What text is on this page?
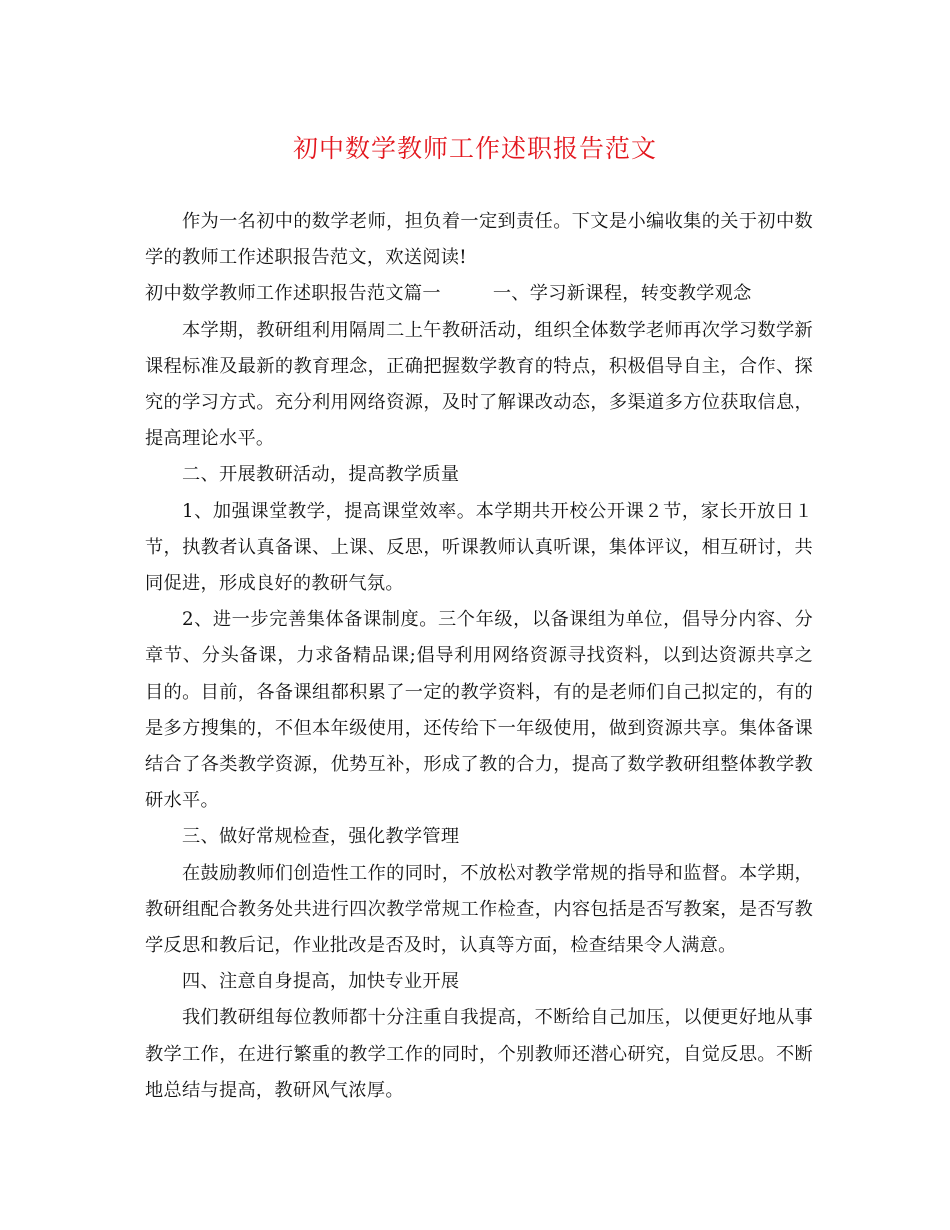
初中数学教师工作述职报告范文

作为一名初中的数学老师，担负着一定到责任。下文是小编收集的关于初中数学的教师工作述职报告范文，欢送阅读!

初中数学教师工作述职报告范文篇一	一、学习新课程，转变教学观念

本学期，教研组利用隔周二上午教研活动，组织全体数学老师再次学习数学新课程标准及最新的教育理念，正确把握数学教育的特点，积极倡导自主，合作、探究的学习方式。充分利用网络资源，及时了解课改动态，多渠道多方位获取信息，提高理论水平。

二、开展教研活动，提高教学质量

1、加强课堂教学，提高课堂效率。本学期共开校公开课２节，家长开放日１节，执教者认真备课、上课、反思，听课教师认真听课，集体评议，相互研讨，共同促进，形成良好的教研气氛。

2、进一步完善集体备课制度。三个年级，以备课组为单位，倡导分内容、分章节、分头备课，力求备精品课;倡导利用网络资源寻找资料，以到达资源共享之目的。目前，各备课组都积累了一定的教学资料，有的是老师们自己拟定的，有的是多方搜集的，不但本年级使用，还传给下一年级使用，做到资源共享。集体备课结合了各类教学资源，优势互补，形成了教的合力，提高了数学教研组整体教学教研水平。

三、做好常规检查，强化教学管理

在鼓励教师们创造性工作的同时，不放松对教学常规的指导和监督。本学期，教研组配合教务处共进行四次教学常规工作检查，内容包括是否写教案，是否写教学反思和教后记，作业批改是否及时，认真等方面，检查结果令人满意。

四、注意自身提高，加快专业开展

我们教研组每位教师都十分注重自我提高，不断给自己加压，以便更好地从事教学工作，在进行繁重的教学工作的同时，个别教师还潜心研究，自觉反思。不断地总结与提高，教研风气浓厚。
